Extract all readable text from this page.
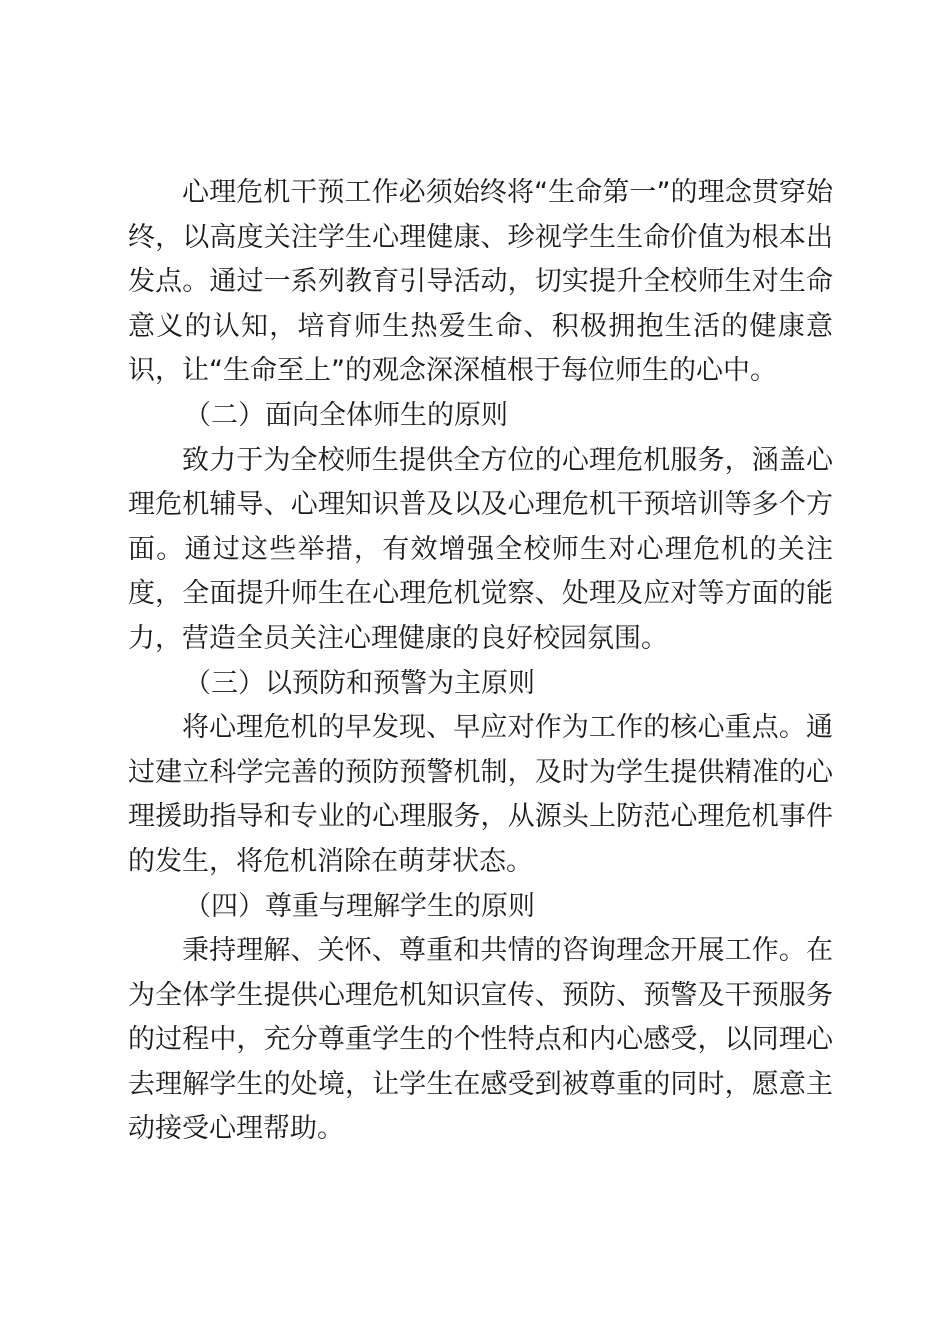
心理危机干预工作必须始终将“生命第一”的理念贯穿始终，以高度关注学生心理健康、珍视学生生命价值为根本出发点。通过一系列教育引导活动，切实提升全校师生对生命意义的认知，培育师生热爱生命、积极拥抱生活的健康意识，让“生命至上”的观念深深植根于每位师生的心中。

（二）面向全体师生的原则

致力于为全校师生提供全方位的心理危机服务，涵盖心理危机辅导、心理知识普及以及心理危机干预培训等多个方面。通过这些举措，有效增强全校师生对心理危机的关注度，全面提升师生在心理危机觉察、处理及应对等方面的能力，营造全员关注心理健康的良好校园氛围。

（三）以预防和预警为主原则

将心理危机的早发现、早应对作为工作的核心重点。通过建立科学完善的预防预警机制，及时为学生提供精准的心理援助指导和专业的心理服务，从源头上防范心理危机事件的发生，将危机消除在萌芽状态。

（四）尊重与理解学生的原则

秉持理解、关怀、尊重和共情的咨询理念开展工作。在为全体学生提供心理危机知识宣传、预防、预警及干预服务的过程中，充分尊重学生的个性特点和内心感受，以同理心去理解学生的处境，让学生在感受到被尊重的同时，愿意主动接受心理帮助。
